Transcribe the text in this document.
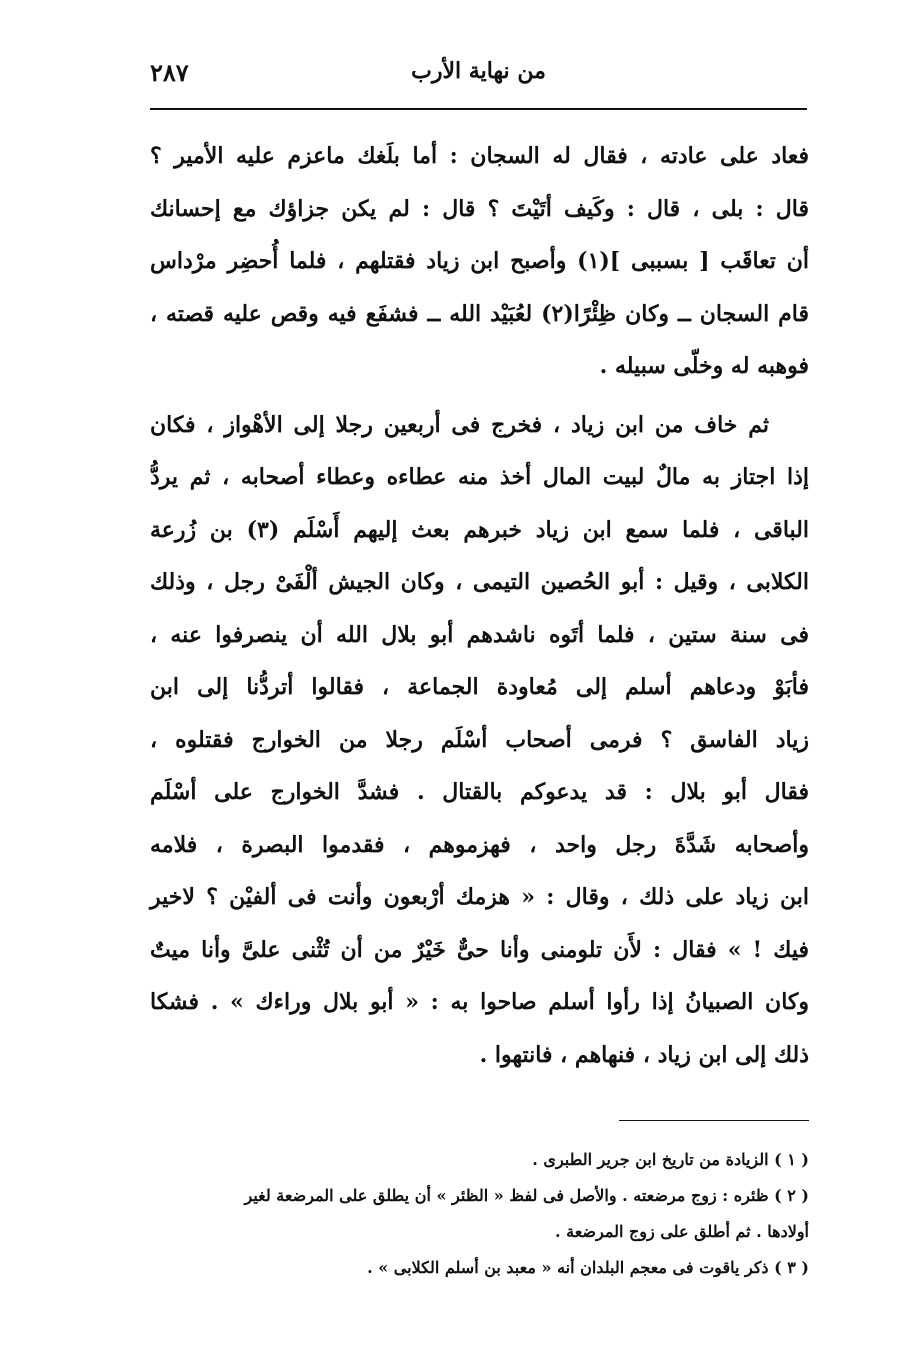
من نهاية الأرب
٢٨٧
فعاد على عادته ، فقال له السجان : أما بلَغك ماعزم عليه الأمير ؟
قال : بلى ، قال : وكَيف أتَيْتَ ؟ قال : لم يكن جزاؤك مع إحسانك
أن تعاقَب [ بسببى ](١) وأصبح ابن زياد فقتلهم ، فلما أُحضِر مرْداس
قام السجان ــ وكان ظِئْرًا(٢) لعُبَيْد الله ــ فشفَع فيه وقص عليه قصته ،
فوهبه له وخلّى سبيله .
ثم خاف من ابن زياد ، فخرج فى أربعين رجلا إلى الأهْواز ، فكان
إذا اجتاز به مالٌ لبيت المال أخذ منه عطاءه وعطاء أصحابه ، ثم يردُّ
الباقى ، فلما سمع ابن زياد خبرهم بعث إليهم أَسْلَم (٣) بن زُرعة
الكلابى ، وقيل : أبو الحُصين التيمى ، وكان الجيش ألْفَىْ رجل ، وذلك
فى سنة ستين ، فلما أتَوه ناشدهم أبو بلال الله أن ينصرفوا عنه ،
فأبَوْ ودعاهم أسلم إلى مُعاودة الجماعة ، فقالوا أتردُّنا إلى ابن
زياد الفاسق ؟ فرمى أصحاب أسْلَم رجلا من الخوارج فقتلوه ،
فقال أبو بلال : قد يدعوكم بالقتال . فشدَّ الخوارج على أسْلَم
وأصحابه شَدَّةَ رجل واحد ، فهزموهم ، فقدموا البصرة ، فلامه
ابن زياد على ذلك ، وقال : « هزمك أرْبعون وأنت فى ألفيْن ؟ لاخير
فيك ! » فقال : لأَن تلومنى وأنا حىٌّ خَيْرٌ من أن تُثْنى علىَّ وأنا ميتٌ
وكان الصبيانُ إذا رأوا أسلم صاحوا به : « أبو بلال وراءك » . فشكا
ذلك إلى ابن زياد ، فنهاهم ، فانتهوا .
( ١ ) الزيادة من تاريخ ابن جرير الطبرى .
( ٢ ) ظئره : زوج مرضعته . والأصل فى لفظ « الظئر » أن يطلق على المرضعة لغير
أولادها . ثم أطلق على زوج المرضعة .
( ٣ ) ذكر ياقوت فى معجم البلدان أنه « معبد بن أسلم الكلابى » .
